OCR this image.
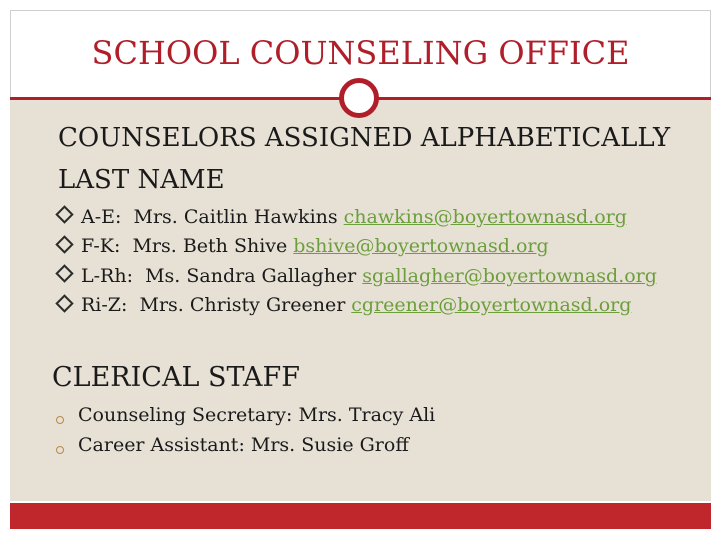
SCHOOL COUNSELING OFFICE
COUNSELORS ASSIGNED ALPHABETICALLY
LAST NAME
A-E:
Mrs. Caitlin Hawkins chawkins@boyertownasd.org
F-K:
Mrs. Beth Shive bshive@boyertownasd.org
L-Rh:
Ms. Sandra Gallagher sgallagher@boyertownasd.org
Ri-Z:
Mrs. Christy Greener cgreener@boyertownasd.org
CLERICAL STAFF
Counseling Secretary: Mrs. Tracy Ali
Career Assistant: Mrs. Susie Groff
